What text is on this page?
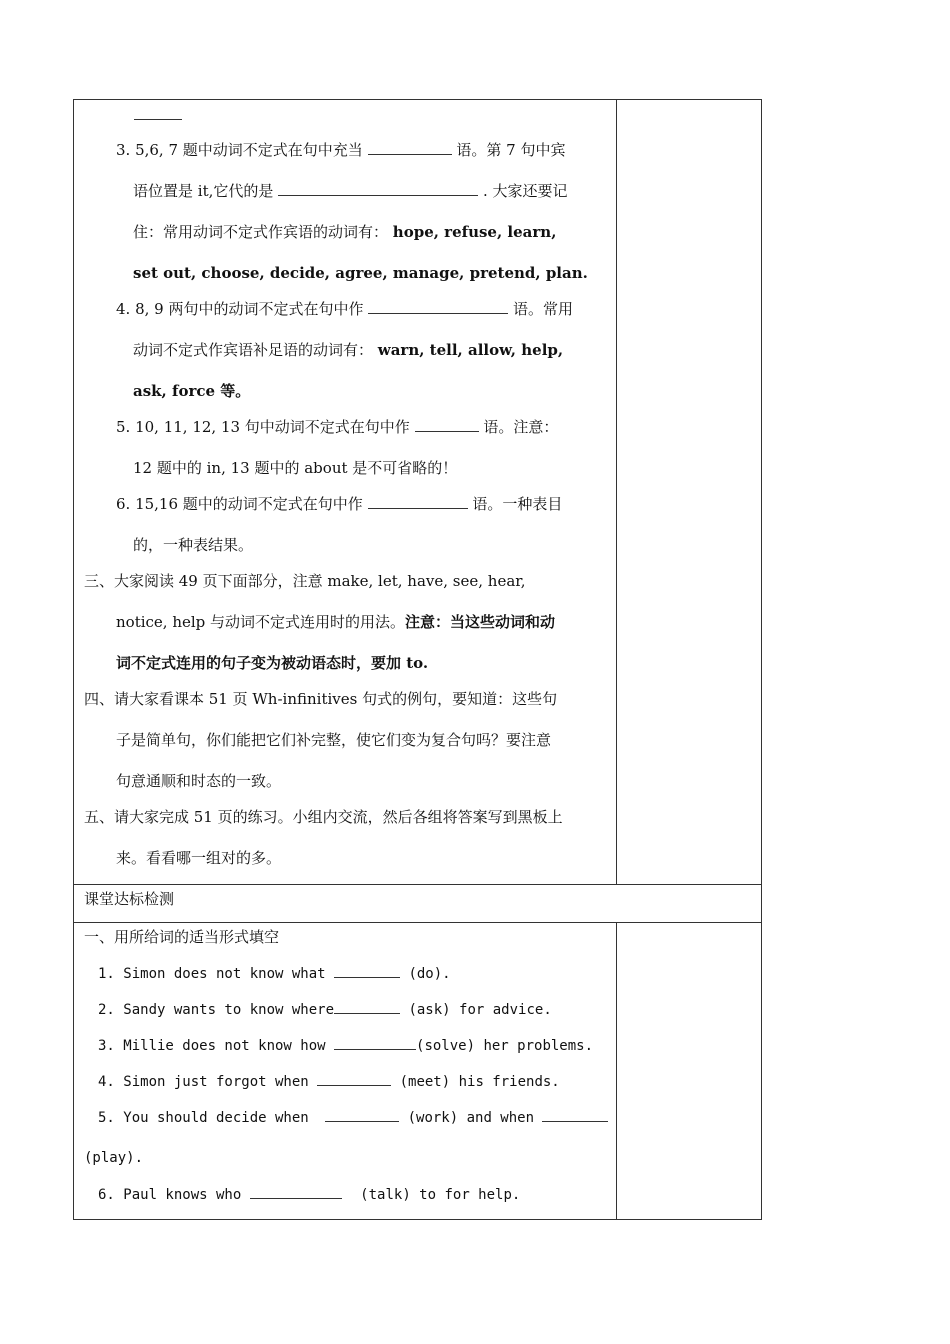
3. 5,6, 7 题中动词不定式在句中充当	语。第 7 句中宾
语位置是 it,它代的是	. 大家还要记
住：常用动词不定式作宾语的动词有： hope, refuse, learn,
set out, choose, decide, agree, manage, pretend, plan.
4. 8, 9 两句中的动词不定式在句中作	语。常用
动词不定式作宾语补足语的动词有： warn, tell, allow, help,
ask, force 等。
5. 10, 11, 12, 13 句中动词不定式在句中作	语。注意：
12 题中的 in, 13 题中的 about 是不可省略的！
6. 15,16 题中的动词不定式在句中作	语。一种表目
的，一种表结果。
三、大家阅读 49 页下面部分，注意 make, let, have, see, hear,
notice, help 与动词不定式连用时的用法。注意：当这些动词和动
词不定式连用的句子变为被动语态时，要加 to.
四、请大家看课本 51 页 Wh-infinitives 句式的例句，要知道：这些句
子是简单句，你们能把它们补完整，使它们变为复合句吗？要注意
句意通顺和时态的一致。
五、请大家完成 51 页的练习。小组内交流，然后各组将答案写到黑板上
来。看看哪一组对的多。
课堂达标检测
一、用所给词的适当形式填空
1. Simon does not know what	(do).
2. Sandy wants to know where	(ask) for advice.
3. Millie does not know how	(solve) her problems.
4. Simon just forgot when	(meet) his friends.
5. You should decide when	(work) and when
(play).
6. Paul knows who	(talk) to for help.
